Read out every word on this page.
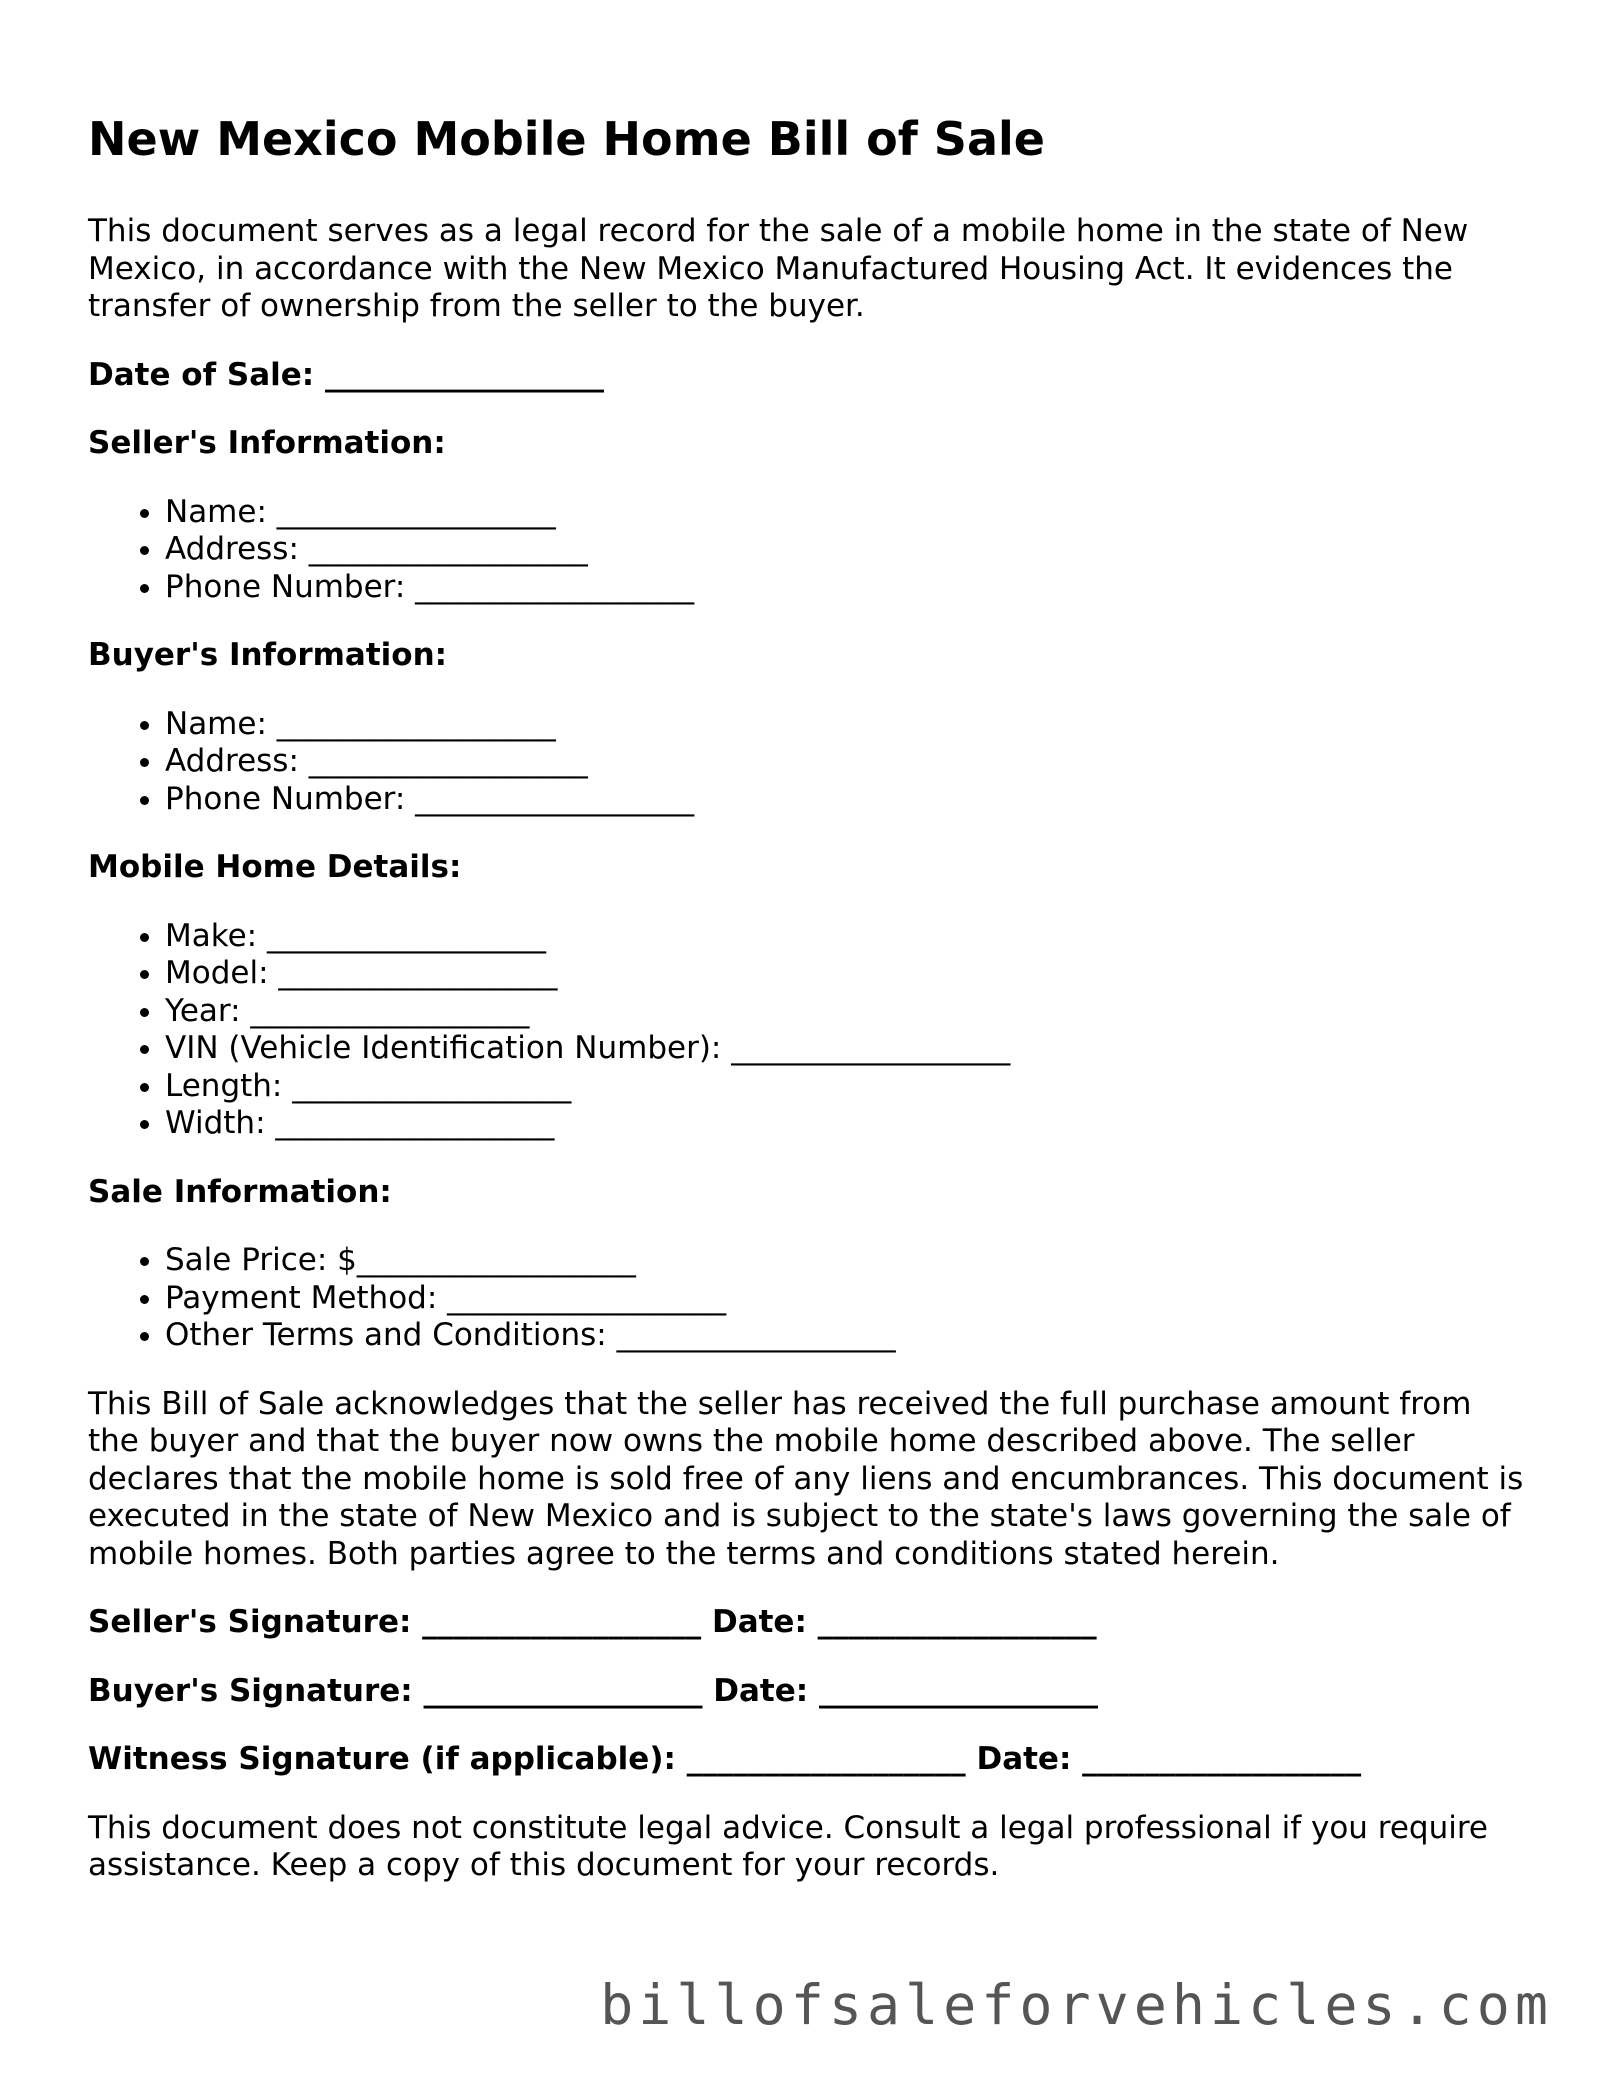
New Mexico Mobile Home Bill of Sale

This document serves as a legal record for the sale of a mobile home in the state of New Mexico, in accordance with the New Mexico Manufactured Housing Act. It evidences the transfer of ownership from the seller to the buyer.

Date of Sale: __________________
Seller's Information:
• Name: __________________
• Address: __________________
• Phone Number: __________________
Buyer's Information:
• Name: __________________
• Address: __________________
• Phone Number: __________________
Mobile Home Details:
• Make: __________________
• Model: __________________
• Year: __________________
• VIN (Vehicle Identification Number): __________________
• Length: __________________
• Width: __________________
Sale Information:
• Sale Price: $__________________
• Payment Method: __________________
• Other Terms and Conditions: __________________

This Bill of Sale acknowledges that the seller has received the full purchase amount from the buyer and that the buyer now owns the mobile home described above. The seller declares that the mobile home is sold free of any liens and encumbrances. This document is executed in the state of New Mexico and is subject to the state's laws governing the sale of mobile homes. Both parties agree to the terms and conditions stated herein.

Seller's Signature: __________________ Date: __________________
Buyer's Signature: __________________ Date: __________________
Witness Signature (if applicable): __________________ Date: __________________

This document does not constitute legal advice. Consult a legal professional if you require assistance. Keep a copy of this document for your records.

billofsaleforvehicles.com
